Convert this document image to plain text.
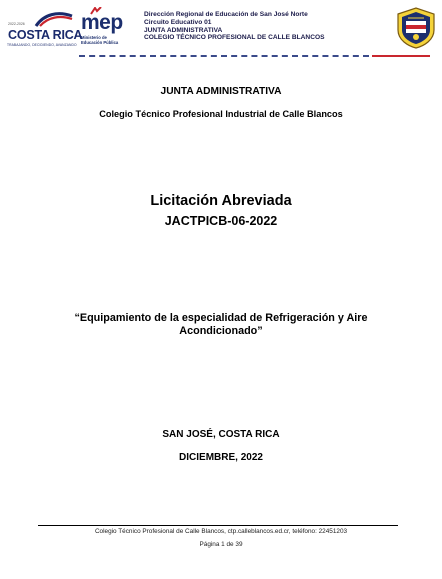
2022-2026
COSTA RICA
TRABAJANDO, DECIDIENDO, AVANZANDO
mep
Ministerio de
Educación Pública
Dirección Regional de Educación de San José Norte
Circuito Educativo 01
JUNTA ADMINISTRATIVA
COLEGIO TÉCNICO PROFESIONAL DE CALLE BLANCOS
JUNTA ADMINISTRATIVA
Colegio Técnico Profesional Industrial de Calle Blancos
Licitación Abreviada
JACTPICB-06-2022
“Equipamiento de la especialidad de Refrigeración y Aire
Acondicionado”
SAN JOSÉ, COSTA RICA
DICIEMBRE, 2022
Colegio Técnico Profesional de Calle Blancos, ctp.calleblancos.ed.cr, teléfono: 22451203
Página 1 de 39
